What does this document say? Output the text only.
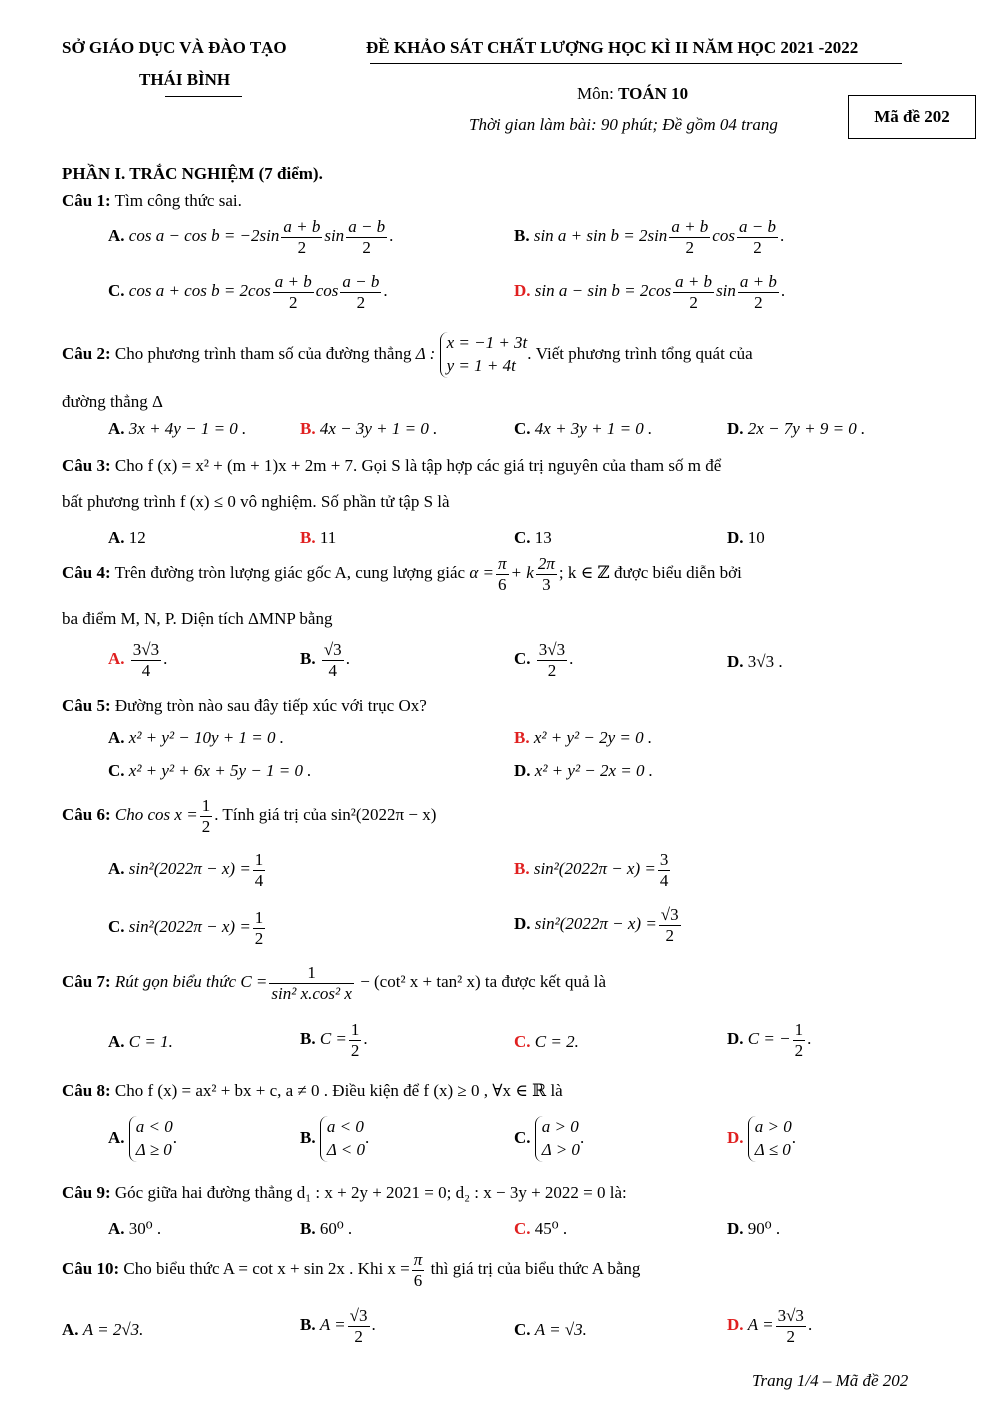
SỞ GIÁO DỤC VÀ ĐÀO TẠO
THÁI BÌNH
ĐỀ KHẢO SÁT CHẤT LƯỢNG HỌC KÌ II NĂM HỌC 2021 -2022
Môn: TOÁN 10
Thời gian làm bài: 90 phút; Đề gồm 04 trang	Mã đề 202
PHẦN I. TRẮC NGHIỆM (7 điểm).
Câu 1: Tìm công thức sai.
A. $\cos a - \cos b = -2\sin \frac{a + b}{2}$ $\sin \frac{a - b}{2}$ .	B. $\sin a + \sin b = 2\sin \frac{a + b}{2}$ $\cos \frac{a - b}{2}$ .
C. $\cos a + \cos b = 2\cos \frac{a + b}{2}$ $\cos \frac{a - b}{2}$ .	D. $\sin a - \sin b = 2\cos \frac{a + b}{2}$ $\sin \frac{a + b}{2}$ .
Câu 2: Cho phương trình tham số của đường thẳng Δ :
x = −1 + 3t
y = 1 + 4t
. Viết phương trình tổng quát của
đường thẳng Δ
A. 3x + 4y − 1 = 0 .	B. 4x − 3y + 1 = 0 .	C. 4x + 3y + 1 = 0 .	D. 2x − 7y + 9 = 0 .
Câu 3: Cho f (x) = x² + (m + 1)x + 2m + 7. Gọi S là tập hợp các giá trị nguyên của tham số m để
bất phương trình f (x) ≤ 0 vô nghiệm. Số phần tử tập S là
A. 12	B. 11	C. 13	D. 10
Câu 4: Trên đường tròn lượng giác gốc A, cung lượng giác $\alpha = \frac{\pi}{6} + k \frac{2\pi}{3}$ ; k ∈ ℤ được biểu diễn bởi
ba điểm M, N, P. Diện tích ΔMNP bằng
A. $\frac{3√3}{4}$ .	B. $\frac{√3}{4}$ .	C. $\frac{3√3}{2}$ .	D. 3√3 .
Câu 5: Đường tròn nào sau đây tiếp xúc với trục Ox?
A. x² + y² − 10y + 1 = 0 .	B. x² + y² − 2y = 0 .
C. x² + y² + 6x + 5y − 1 = 0 .	D. x² + y² − 2x = 0 .
Câu 6: Cho $\cos x = \frac{1}{2}$ . Tính giá trị của sin²(2022π − x)
A. $\sin^2(2022\pi - x) = \frac{1}{4}$	B. $\sin^2(2022\pi - x) = \frac{3}{4}$
C. $\sin^2(2022\pi - x) = \frac{1}{2}$	D. $\sin^2(2022\pi - x) = \frac{√3}{2}$
Câu 7: Rút gọn biểu thức $C = \frac{1}{\text{sin² x.cos² x}} - (\cot^2$ x + tan² x) ta được kết quả là
A. C = 1.	B. $C = \frac{1}{2}$ .	C. C = 2.	D. C = − $\frac{1}{2}$ .
Câu 8: Cho f (x) = ax² + bx + c, a ≠ 0 . Điều kiện để f (x) ≥ 0 , ∀x ∈ ℝ là
A.
a < 0
Δ ≥ 0
.	B.
a < 0
Δ < 0
.	C.
a > 0
Δ > 0
.	D.
a > 0
Δ ≤ 0
.
Câu 9: Góc giữa hai đường thẳng d₁ : x + 2y + 2021 = 0; d₂ : x − 3y + 2022 = 0 là:
A. 30⁰ .	B. 60⁰ .	C. 45⁰ .	D. 90⁰ .
Câu 10: Cho biểu thức A = cot x + sin 2x . Khi $x = \frac{\pi}{6}$ thì giá trị của biểu thức A bằng
A. A = 2√3.	B. $A = \frac{√3}{2}$ .	C. A = √3.	D. $A = \frac{3√3}{2}$ .
Trang 1/4 – Mã đề 202
